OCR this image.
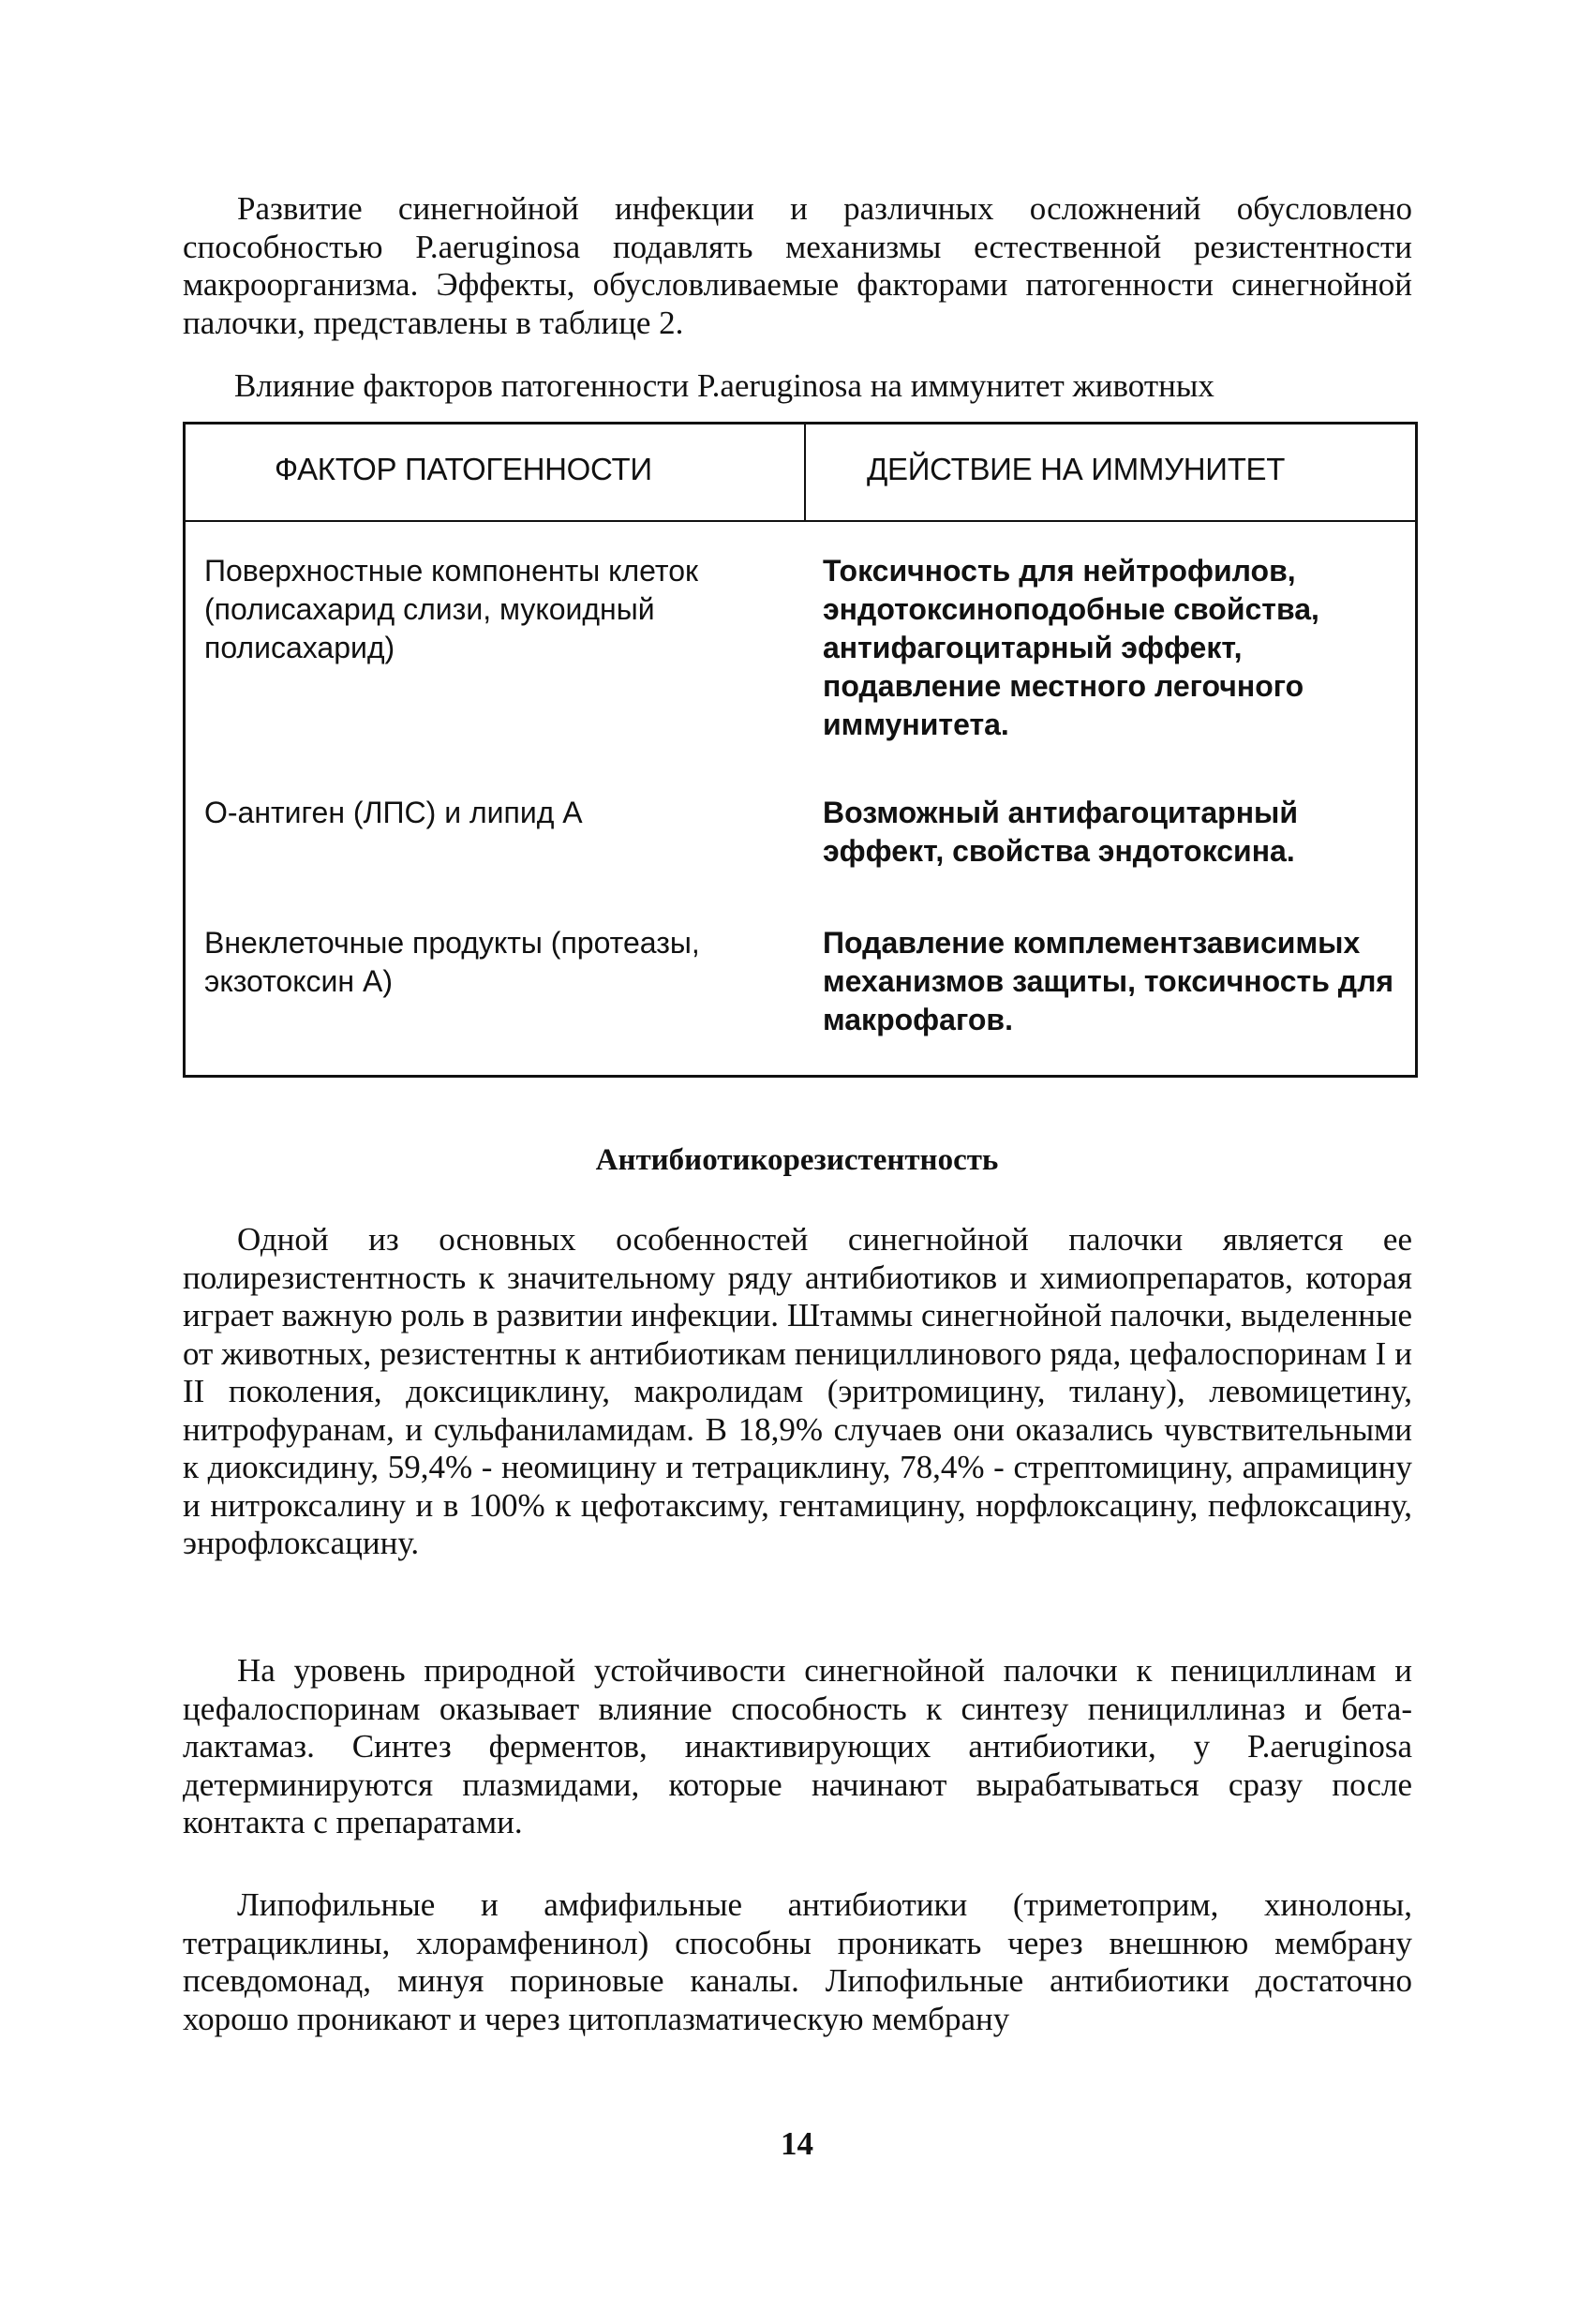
Развитие синегнойной инфекции и различных осложнений обусловлено способностью P.aeruginosa подавлять механизмы естественной резистентности макроорганизма. Эффекты, обусловливаемые факторами патогенности синегнойной палочки, представлены в таблице 2.

Влияние факторов патогенности P.aeruginosa на иммунитет животных
ФАКТОР ПАТОГЕННОСТИ	ДЕЙСТВИЕ НА ИММУНИТЕТ

Поверхностные компоненты клеток (полисахарид слизи, мукоидный полисахарид)

Токсичность для нейтрофилов, эндотоксиноподобные свойства, антифагоцитарный эффект, подавление местного легочного иммунитета.

О-антиген (ЛПС) и липид А	Возможный антифагоцитарный эффект, свойства эндотоксина.

Внеклеточные продукты (протеазы, экзотоксин А)

Подавление комплементзависимых механизмов защиты, токсичность для макрофагов.

Антибиотикорезистентность

Одной из основных особенностей синегнойной палочки является ее полирезистентность к значительному ряду антибиотиков и химиопрепаратов, которая играет важную роль в развитии инфекции. Штаммы синегнойной палочки, выделенные от животных, резистентны к антибиотикам пенициллинового ряда, цефалоспоринам I и II поколения, доксициклину, макролидам (эритромицину, тилану), левомицетину, нитрофуранам, и сульфаниламидам. В 18,9% случаев они оказались чувствительными к диоксидину, 59,4% - неомицину и тетрациклину, 78,4% - стрептомицину, апрамицину и нитроксалину и в 100% к цефотаксиму, гентамицину, норфлоксацину, пефлоксацину, энрофлоксацину.

На уровень природной устойчивости синегнойной палочки к пенициллинам и цефалоспоринам оказывает влияние способность к синтезу пенициллиназ и бета-лактамаз. Синтез ферментов, инактивирующих антибиотики, у P.aeruginosa детерминируются плазмидами, которые начинают вырабатываться сразу после контакта с препаратами.

Липофильные и амфифильные антибиотики (триметоприм, хинолоны, тетрациклины, хлорамфенинол) способны проникать через внешнюю мембрану псевдомонад, минуя пориновые каналы. Липофильные антибиотики достаточно хорошо проникают и через цитоплазматическую мембрану

14
